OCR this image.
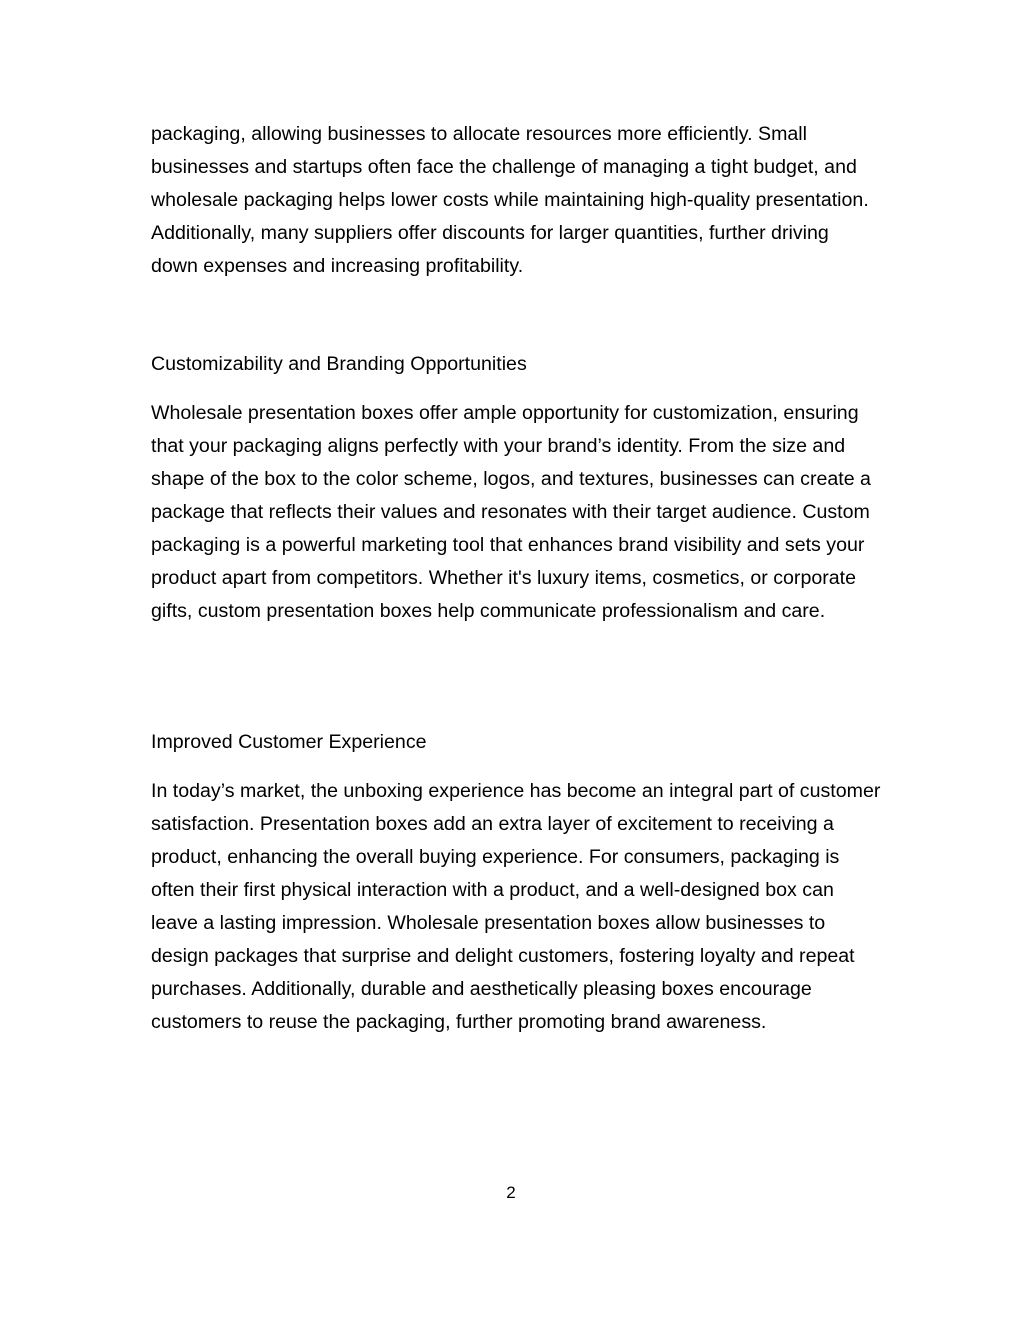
packaging, allowing businesses to allocate resources more efficiently. Small businesses and startups often face the challenge of managing a tight budget, and wholesale packaging helps lower costs while maintaining high-quality presentation. Additionally, many suppliers offer discounts for larger quantities, further driving down expenses and increasing profitability.

Customizability and Branding Opportunities

Wholesale presentation boxes offer ample opportunity for customization, ensuring that your packaging aligns perfectly with your brand’s identity. From the size and shape of the box to the color scheme, logos, and textures, businesses can create a package that reflects their values and resonates with their target audience. Custom packaging is a powerful marketing tool that enhances brand visibility and sets your product apart from competitors. Whether it's luxury items, cosmetics, or corporate gifts, custom presentation boxes help communicate professionalism and care.

Improved Customer Experience

In today’s market, the unboxing experience has become an integral part of customer satisfaction. Presentation boxes add an extra layer of excitement to receiving a product, enhancing the overall buying experience. For consumers, packaging is often their first physical interaction with a product, and a well-designed box can leave a lasting impression. Wholesale presentation boxes allow businesses to design packages that surprise and delight customers, fostering loyalty and repeat purchases. Additionally, durable and aesthetically pleasing boxes encourage customers to reuse the packaging, further promoting brand awareness.

2
